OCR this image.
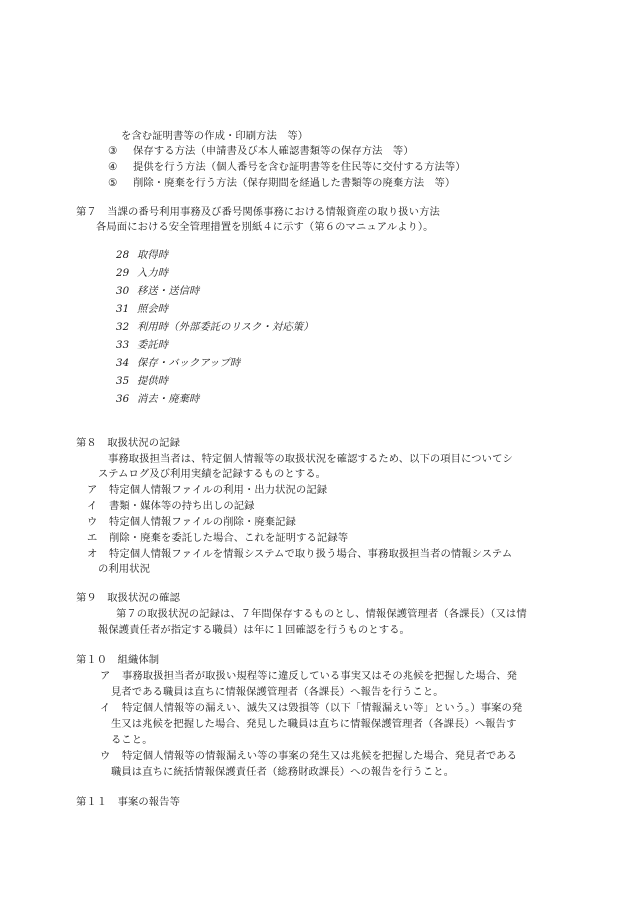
を含む証明書等の作成・印刷方法　等）
③ 保存する方法（申請書及び本人確認書類等の保存方法　等）
④ 提供を行う方法（個人番号を含む証明書等を住民等に交付する方法等）
⑤ 削除・廃棄を行う方法（保存期間を経過した書類等の廃棄方法　等）
第７　当課の番号利用事務及び番号関係事務における情報資産の取り扱い方法
各局面における安全管理措置を別紙４に示す（第６のマニュアルより）。
28 取得時
29 入力時
30 移送・送信時
31 照会時
32 利用時（外部委託のリスク・対応策）
33 委託時
34 保存・バックアップ時
35 提供時
36 消去・廃棄時
第８　取扱状況の記録
事務取扱担当者は、特定個人情報等の取扱状況を確認するため、以下の項目についてシ
ステムログ及び利用実績を記録するものとする。
ア 特定個人情報ファイルの利用・出力状況の記録
イ 書類・媒体等の持ち出しの記録
ウ 特定個人情報ファイルの削除・廃棄記録
エ 削除・廃棄を委託した場合、これを証明する記録等
オ 特定個人情報ファイルを情報システムで取り扱う場合、事務取扱担当者の情報システム
の利用状況
第９　取扱状況の確認
第７の取扱状況の記録は、７年間保存するものとし、情報保護管理者（各課長）（又は情
報保護責任者が指定する職員）は年に１回確認を行うものとする。
第１０　組織体制
ア 事務取扱担当者が取扱い規程等に違反している事実又はその兆候を把握した場合、発
見者である職員は直ちに情報保護管理者（各課長）へ報告を行うこと。
イ 特定個人情報等の漏えい、滅失又は毀損等（以下「情報漏えい等」という。）事案の発
生又は兆候を把握した場合、発見した職員は直ちに情報保護管理者（各課長）へ報告す
ること。
ウ 特定個人情報等の情報漏えい等の事案の発生又は兆候を把握した場合、発見者である
職員は直ちに統括情報保護責任者（総務財政課長）への報告を行うこと。
第１１　事案の報告等
